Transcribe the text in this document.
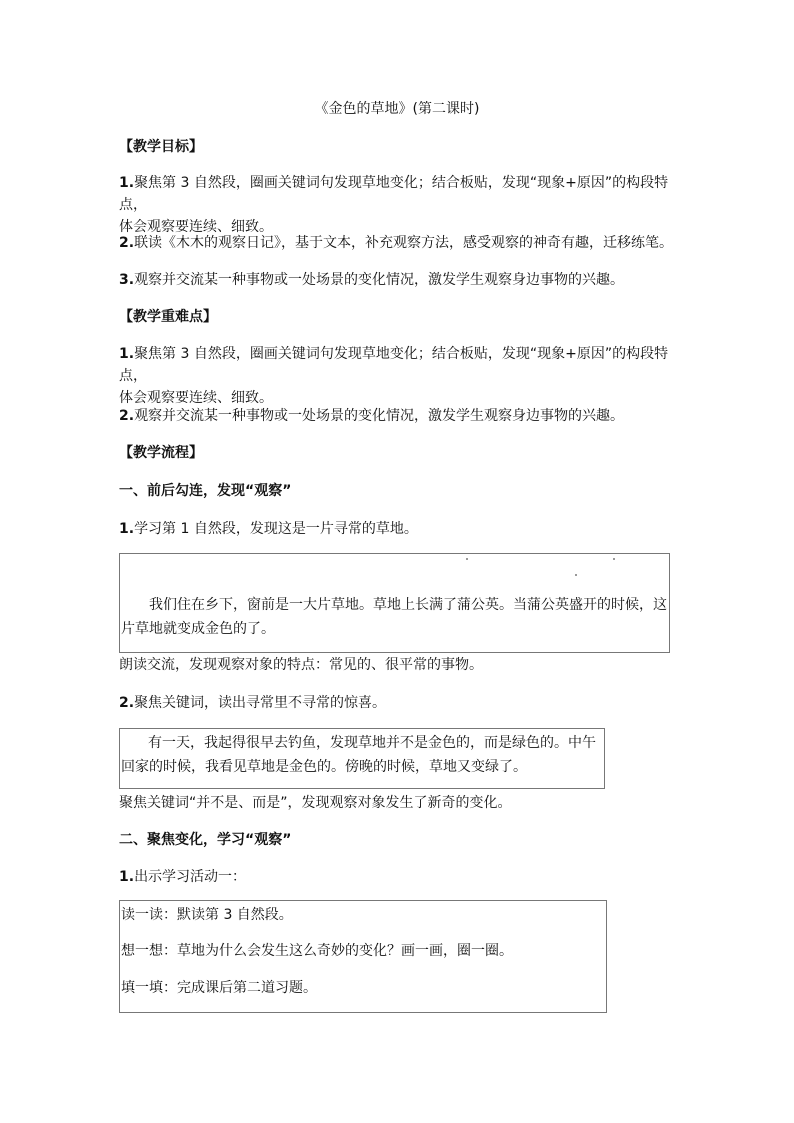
《金色的草地》(第二课时)
【教学目标】
1.聚焦第 3 自然段，圈画关键词句发现草地变化；结合板贴，发现“现象+原因”的构段特点，
体会观察要连续、细致。
2.联读《木木的观察日记》，基于文本，补充观察方法，感受观察的神奇有趣，迁移练笔。
3.观察并交流某一种事物或一处场景的变化情况，激发学生观察身边事物的兴趣。
【教学重难点】
1.聚焦第 3 自然段，圈画关键词句发现草地变化；结合板贴，发现“现象+原因”的构段特点，
体会观察要连续、细致。
2.观察并交流某一种事物或一处场景的变化情况，激发学生观察身边事物的兴趣。
【教学流程】
一、前后勾连，发现“观察”
1.学习第 1 自然段，发现这是一片寻常的草地。
我们住在乡下，窗前是一大片草地。草地上长满了蒲公英。当蒲公英盛开的时候，这
片草地就变成金色的了。
朗读交流，发现观察对象的特点：常见的、很平常的事物。
2.聚焦关键词，读出寻常里不寻常的惊喜。
有一天，我起得很早去钓鱼，发现草地并不是金色的，而是绿色的。中午
回家的时候，我看见草地是金色的。傍晚的时候，草地又变绿了。
聚焦关键词“并不是、而是”，发现观察对象发生了新奇的变化。
二、聚焦变化，学习“观察”
1.出示学习活动一：
读一读：默读第 3 自然段。
想一想：草地为什么会发生这么奇妙的变化？画一画，圈一圈。
填一填：完成课后第二道习题。
